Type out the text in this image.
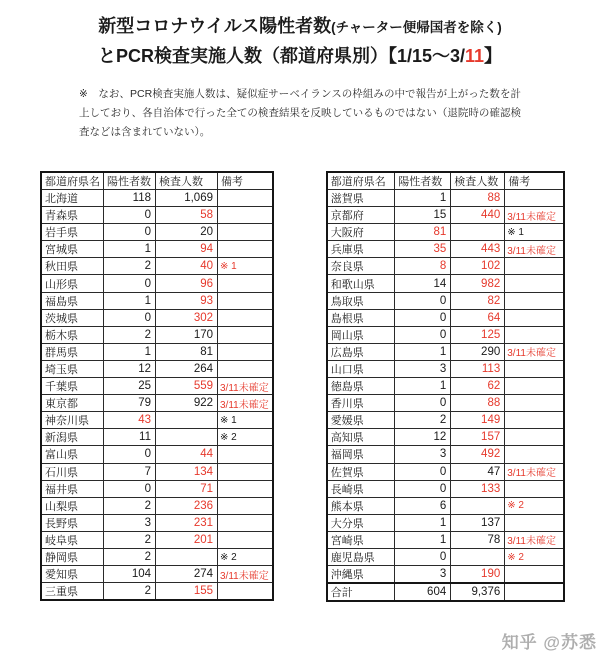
新型コロナウイルス陽性者数(チャーター便帰国者を除く)
とPCR検査実施人数（都道府県別）【1/15～3/11】

※　なお、PCR検査実施人数は、疑似症サーベイランスの枠組みの中で報告が上がった数を計上しており、各自治体で行った全ての検査結果を反映しているものではない（退院時の確認検査などは含まれていない）。

都道府県名	陽性者数	検査人数	備考
北海道	118	1,069	
青森県	0	58	
岩手県	0	20	
宮城県	1	94	
秋田県	2	40	※ 1
山形県	0	96	
福島県	1	93	
茨城県	0	302	
栃木県	2	170	
群馬県	1	81	
埼玉県	12	264	
千葉県	25	559	3/11未確定
東京都	79	922	3/11未確定
神奈川県	43		※ 1
新潟県	11		※ 2
富山県	0	44	
石川県	7	134	
福井県	0	71	
山梨県	2	236	
長野県	3	231	
岐阜県	2	201	
静岡県	2		※ 2
愛知県	104	274	3/11未確定
三重県	2	155	
都道府県名	陽性者数	検査人数	備考
滋賀県	1	88	
京都府	15	440	3/11未確定
大阪府	81		※ 1
兵庫県	35	443	3/11未確定
奈良県	8	102	
和歌山県	14	982	
鳥取県	0	82	
島根県	0	64	
岡山県	0	125	
広島県	1	290	3/11未確定
山口県	3	113	
徳島県	1	62	
香川県	0	88	
愛媛県	2	149	
高知県	12	157	
福岡県	3	492	
佐賀県	0	47	3/11未確定
長崎県	0	133	
熊本県	6		※ 2
大分県	1	137	
宮崎県	1	78	3/11未確定
鹿児島県	0		※ 2
沖縄県	3	190	
合計	604	9,376	
知乎 @苏悉
